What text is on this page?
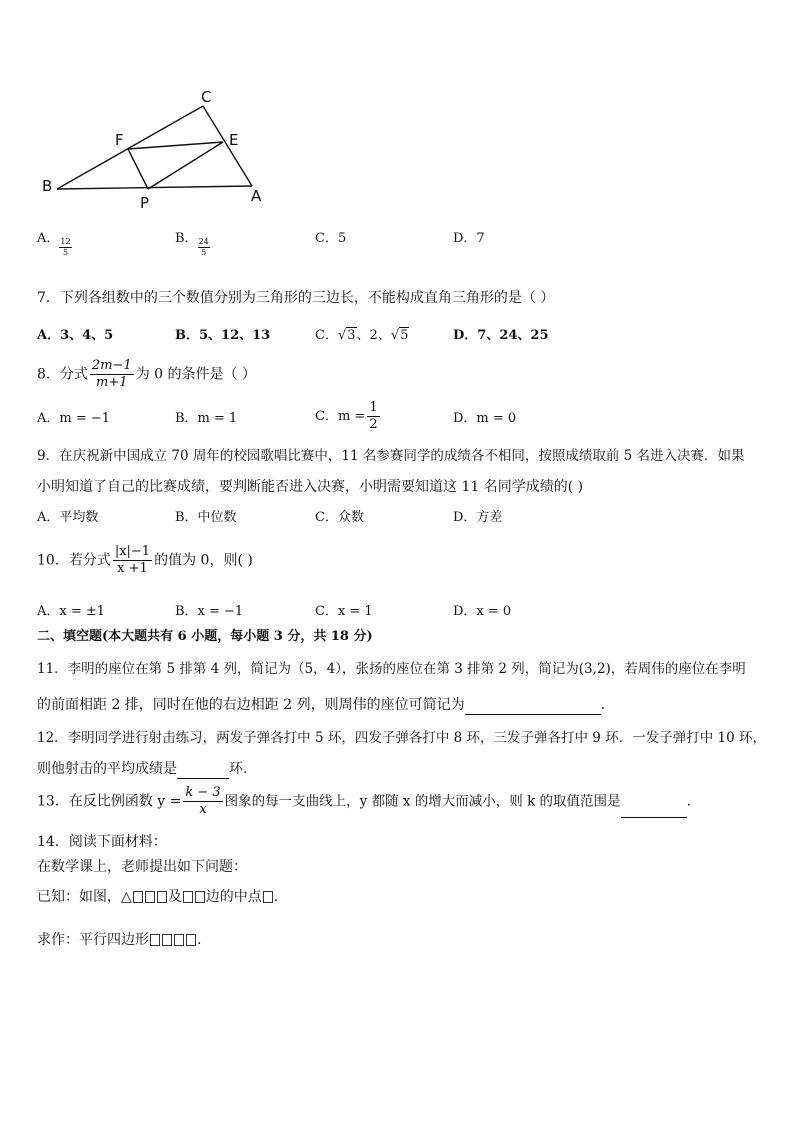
C
F	E
B
A
P
A． $\frac{12}{5}$	B． $\frac{24}{5}$	C．5	D．7
7．下列各组数中的三个数值分别为三角形的三边长，不能构成直角三角形的是（ ）
A．3、4、5	B．5、12、13	C．√3、2、√5	D．7、24、25
8．分式 $\frac{2m-1}{m+1}$ 为 0 的条件是（ ）
A．m = −1	B．m = 1	C．$m = \frac{1}{2}$	D．m = 0
9．在庆祝新中国成立 70 周年的校园歌唱比赛中，11 名参赛同学的成绩各不相同，按照成绩取前 5 名进入决赛．如果
小明知道了自己的比赛成绩，要判断能否进入决赛，小明需要知道这 11 名同学成绩的( )
A．平均数	B．中位数	C．众数	D．方差
10．若分式 $\frac{|x|-1}{x +1}$ 的值为 0，则( )
A．x = ±1	B．x = −1	C．x = 1	D．x = 0
二、填空题(本大题共有 6 小题，每小题 3 分，共 18 分)
11．李明的座位在第 5 排第 4 列，简记为（5，4），张扬的座位在第 3 排第 2 列，简记为(3,2)，若周伟的座位在李明
的前面相距 2 排，同时在他的右边相距 2 列，则周伟的座位可简记为	.
12．李明同学进行射击练习，两发子弹各打中 5 环，四发子弹各打中 8 环，三发子弹各打中 9 环．一发子弹打中 10 环，
则他射击的平均成绩是	环.
13．在反比例函数 $y = \frac{k - 3}{x}$ 图象的每一支曲线上，y 都随 x 的增大而减小，则 k 的取值范围是	.
14．阅读下面材料：
在数学课上，老师提出如下问题：
已知：如图，△	及 边的中点 .
求作：平行四边形	.
